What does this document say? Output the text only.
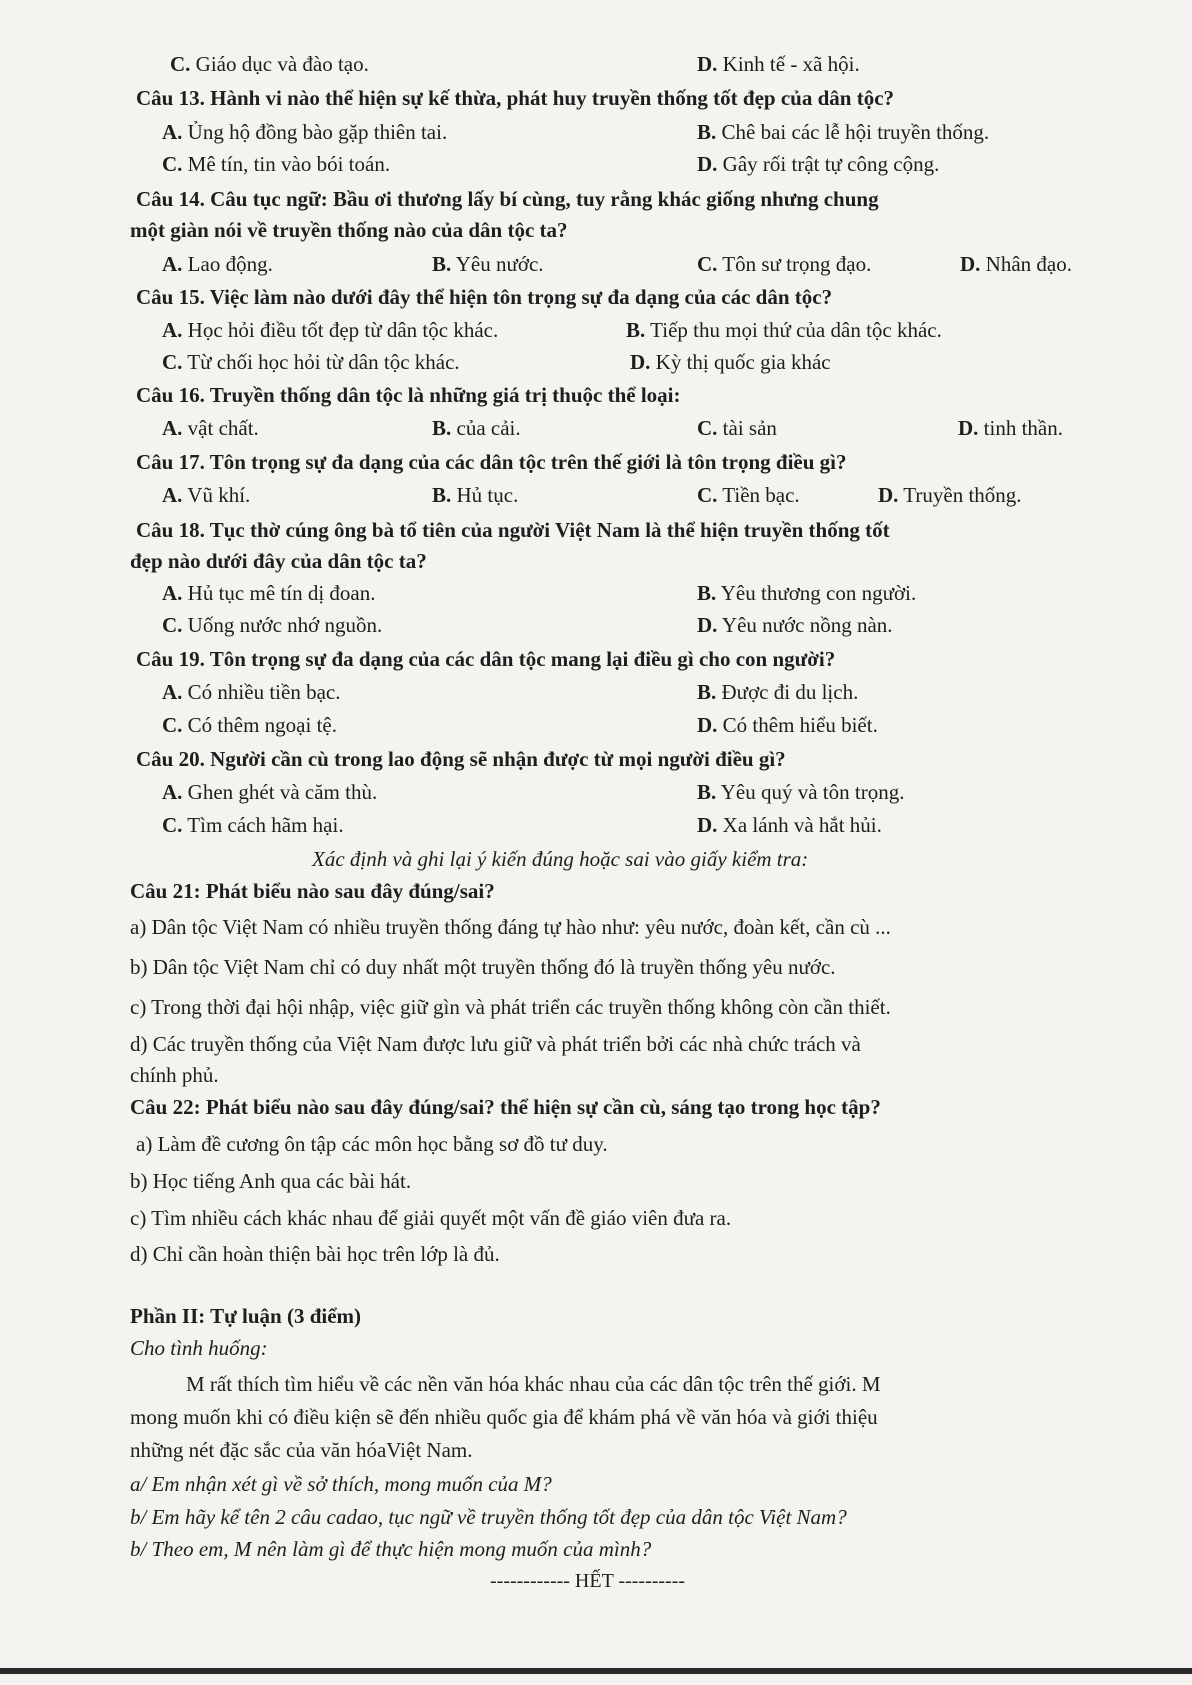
C. Giáo dục và đào tạo.	D. Kinh tế - xã hội.
Câu 13. Hành vi nào thể hiện sự kế thừa, phát huy truyền thống tốt đẹp của dân tộc?
A. Ủng hộ đồng bào gặp thiên tai.	B. Chê bai các lễ hội truyền thống.
C. Mê tín, tin vào bói toán.	D. Gây rối trật tự công cộng.
Câu 14. Câu tục ngữ: Bầu ơi thương lấy bí cùng, tuy rằng khác giống nhưng chung
một giàn nói về truyền thống nào của dân tộc ta?
A. Lao động.	B. Yêu nước.	C. Tôn sư trọng đạo.	D. Nhân đạo.
Câu 15. Việc làm nào dưới đây thể hiện tôn trọng sự đa dạng của các dân tộc?
A. Học hỏi điều tốt đẹp từ dân tộc khác.	B. Tiếp thu mọi thứ của dân tộc khác.
C. Từ chối học hỏi từ dân tộc khác.	D. Kỳ thị quốc gia khác
Câu 16. Truyền thống dân tộc là những giá trị thuộc thể loại:
A. vật chất.	B. của cải.	C. tài sản	D. tinh thần.
Câu 17. Tôn trọng sự đa dạng của các dân tộc trên thế giới là tôn trọng điều gì?
A. Vũ khí.	B. Hủ tục.	C. Tiền bạc.	D. Truyền thống.
Câu 18. Tục thờ cúng ông bà tổ tiên của người Việt Nam là thể hiện truyền thống tốt
đẹp nào dưới đây của dân tộc ta?
A. Hủ tục mê tín dị đoan.	B. Yêu thương con người.
C. Uống nước nhớ nguồn.	D. Yêu nước nồng nàn.
Câu 19. Tôn trọng sự đa dạng của các dân tộc mang lại điều gì cho con người?
A. Có nhiều tiền bạc.	B. Được đi du lịch.
C. Có thêm ngoại tệ.	D. Có thêm hiểu biết.
Câu 20. Người cần cù trong lao động sẽ nhận được từ mọi người điều gì?
A. Ghen ghét và căm thù.	B. Yêu quý và tôn trọng.
C. Tìm cách hãm hại.	D. Xa lánh và hắt hủi.
Xác định và ghi lại ý kiến đúng hoặc sai vào giấy kiểm tra:
Câu 21: Phát biểu nào sau đây đúng/sai?
a) Dân tộc Việt Nam có nhiều truyền thống đáng tự hào như: yêu nước, đoàn kết, cần cù ...
b) Dân tộc Việt Nam chỉ có duy nhất một truyền thống đó là truyền thống yêu nước.
c) Trong thời đại hội nhập, việc giữ gìn và phát triển các truyền thống không còn cần thiết.
d) Các truyền thống của Việt Nam được lưu giữ và phát triển bởi các nhà chức trách và
chính phủ.
Câu 22: Phát biểu nào sau đây đúng/sai? thể hiện sự cần cù, sáng tạo trong học tập?
a) Làm đề cương ôn tập các môn học bằng sơ đồ tư duy.
b) Học tiếng Anh qua các bài hát.
c) Tìm nhiều cách khác nhau để giải quyết một vấn đề giáo viên đưa ra.
d) Chỉ cần hoàn thiện bài học trên lớp là đủ.
Phần II: Tự luận (3 điểm)
Cho tình huống:
M rất thích tìm hiểu về các nền văn hóa khác nhau của các dân tộc trên thế giới. M
mong muốn khi có điều kiện sẽ đến nhiều quốc gia để khám phá về văn hóa và giới thiệu
những nét đặc sắc của văn hóaViệt Nam.
a/ Em nhận xét gì về sở thích, mong muốn của M?
b/ Em hãy kể tên 2 câu cadao, tục ngữ về truyền thống tốt đẹp của dân tộc Việt Nam?
b/ Theo em, M nên làm gì để thực hiện mong muốn của mình?
------------ HẾT ----------
